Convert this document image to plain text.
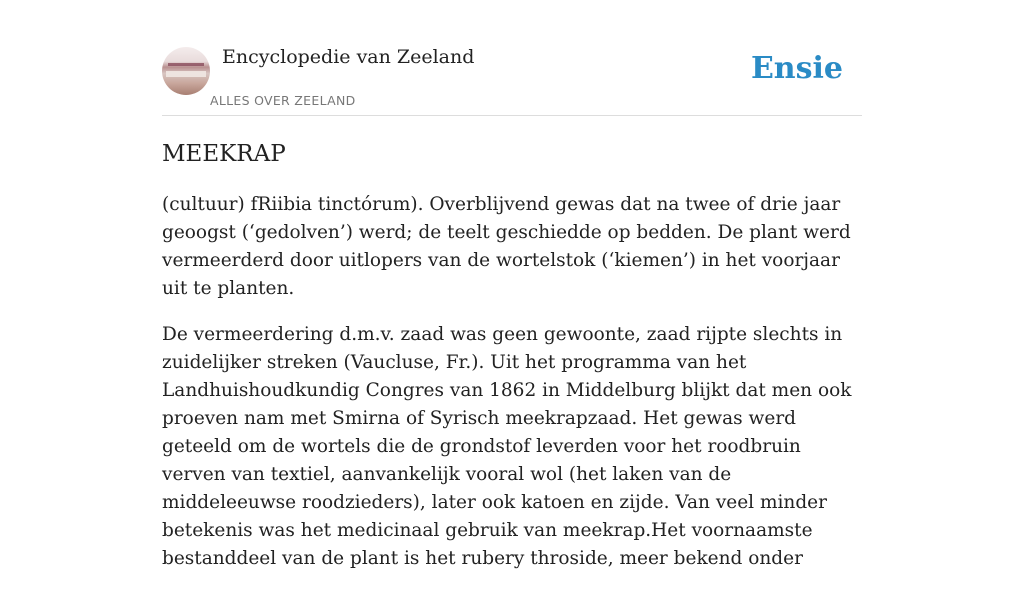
Encyclopedie van Zeeland
ALLES OVER ZEELAND
Ensie
MEEKRAP

(cultuur) fRiibia tinctórum). Overblijvend gewas dat na twee of drie jaar geoogst (‘gedolven’) werd; de teelt geschiedde op bedden. De plant werd vermeerderd door uitlopers van de wortelstok (‘kiemen’) in het voorjaar uit te planten.

De vermeerdering d.m.v. zaad was geen gewoonte, zaad rijpte slechts in zuidelijker streken (Vaucluse, Fr.). Uit het programma van het Landhuishoudkundig Congres van 1862 in Middelburg blijkt dat men ook proeven nam met Smirna of Syrisch meekrapzaad. Het gewas werd geteeld om de wortels die de grondstof leverden voor het roodbruin verven van textiel, aanvankelijk vooral wol (het laken van de middeleeuwse roodzieders), later ook katoen en zijde. Van veel minder betekenis was het medicinaal gebruik van meekrap.Het voornaamste bestanddeel van de plant is het rubery throside, meer bekend onder
